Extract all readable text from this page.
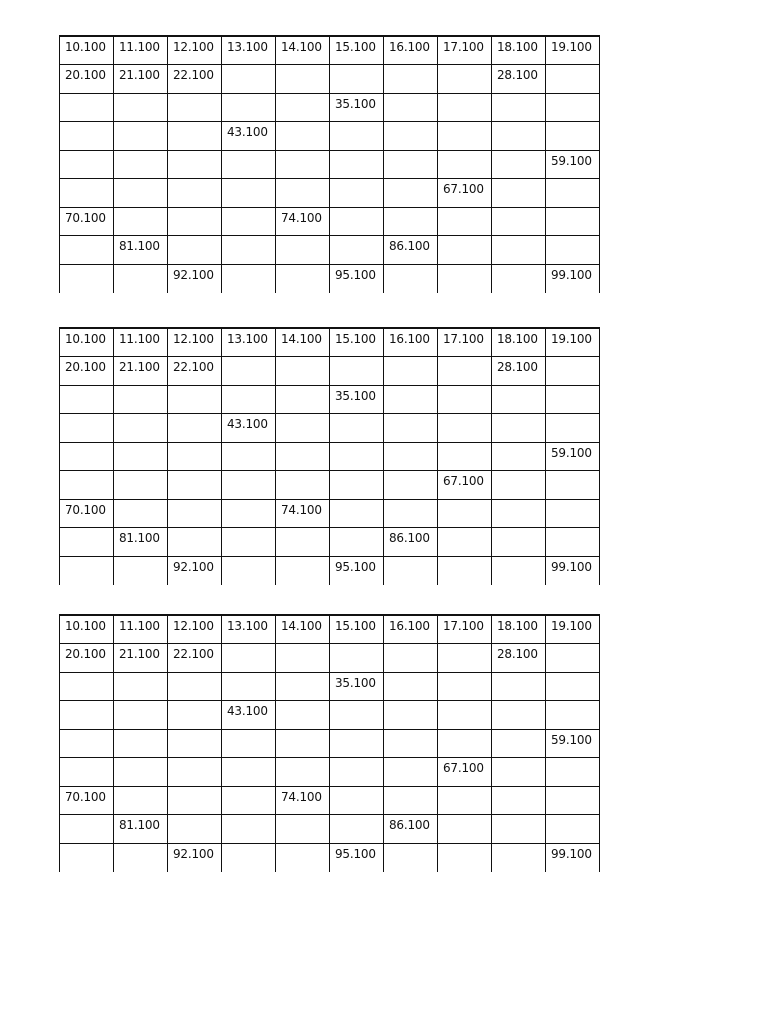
10.100	11.100	12.100	13.100	14.100	15.100	16.100	17.100	18.100	19.100
20.100	21.100	22.100						28.100	
					35.100				
			43.100						
									59.100
							67.100		
70.100				74.100					
	81.100					86.100			
		92.100			95.100				99.100
10.100	11.100	12.100	13.100	14.100	15.100	16.100	17.100	18.100	19.100
20.100	21.100	22.100						28.100	
					35.100				
			43.100						
									59.100
							67.100		
70.100				74.100					
	81.100					86.100			
		92.100			95.100				99.100
10.100	11.100	12.100	13.100	14.100	15.100	16.100	17.100	18.100	19.100
20.100	21.100	22.100						28.100	
					35.100				
			43.100						
									59.100
							67.100		
70.100				74.100					
	81.100					86.100			
		92.100			95.100				99.100
